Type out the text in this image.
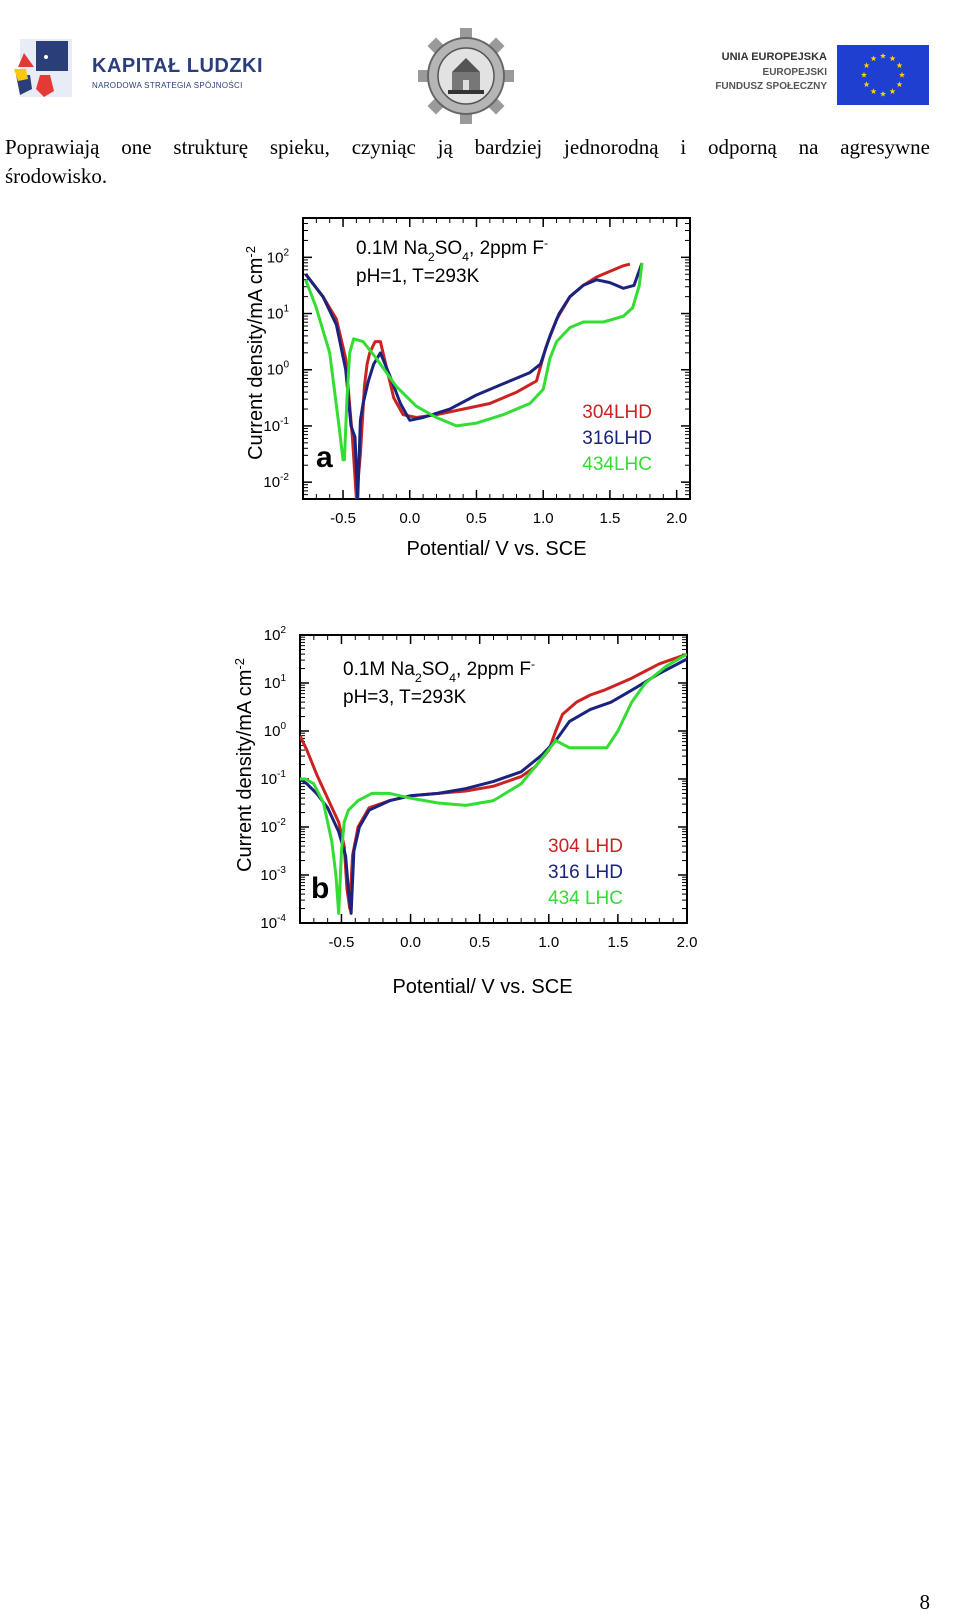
KAPITAŁ LUDZKI
NARODOWA STRATEGIA SPÓJNOŚCI
UNIA EUROPEJSKA
EUROPEJSKI
FUNDUSZ SPOŁECZNY
Poprawiają one strukturę spieku, czyniąc ją bardziej jednorodną i odporną na agresywne
środowisko.
$10^2$
$10^1$
$10^0$
$10^{-1}$
$10^{-2}$
-0.5	0.0	0.5	1.0	1.5	2.0
304LHD
316LHD
434LHC
0.1M $Na_2SO_4$, 2ppm F-
pH=1, T=293K
a
Potential/ V vs. SCE
Current density/mA $cm^{-2}$
$10^2$
$10^1$
$10^0$
$10^{-1}$
$10^{-2}$
$10^{-3}$
$10^{-4}$
-0.5	0.0	0.5	1.0	1.5	2.0
304 LHD
316 LHD
434 LHC
0.1M $Na_2SO_4$, 2ppm F-
pH=3, T=293K
b
Potential/ V vs. SCE
Current density/mA $cm^{-2}$
8
